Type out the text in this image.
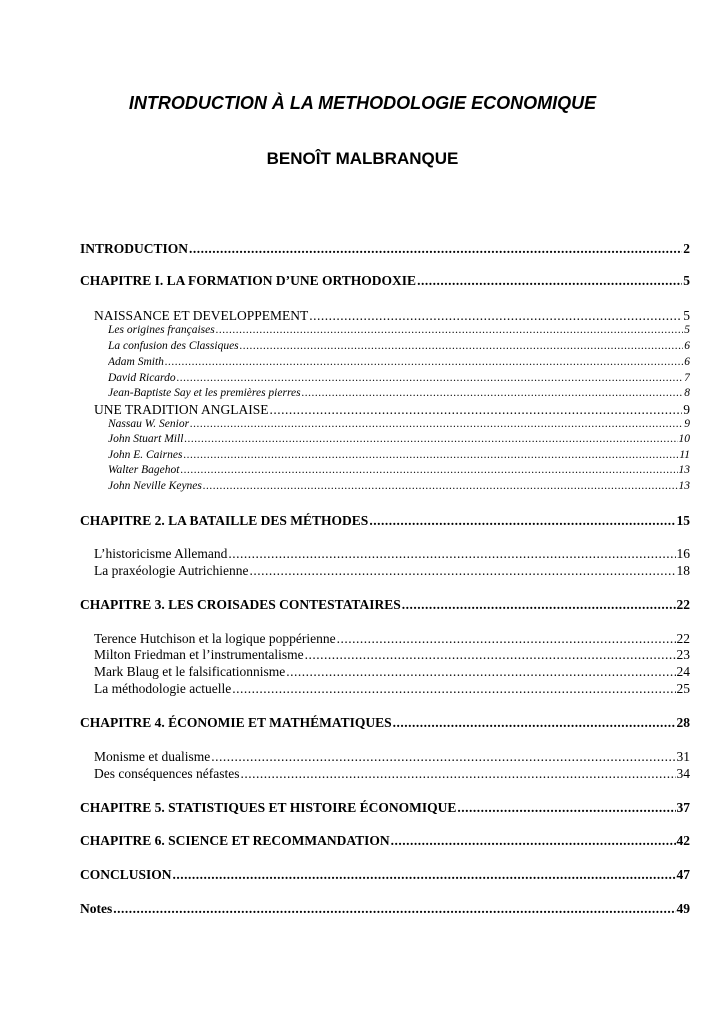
INTRODUCTION À LA METHODOLOGIE ECONOMIQUE
BENOÎT MALBRANQUE
INTRODUCTION .....	2
CHAPITRE I. LA FORMATION D’UNE ORTHODOXIE .....	5
NAISSANCE ET DEVELOPPEMENT .....	5
Les origines françaises .....	5
La confusion des Classiques .....	6
Adam Smith .....	6
David Ricardo .....	7
Jean-Baptiste Say et les premières pierres .....	8
UNE TRADITION ANGLAISE .....	9
Nassau W. Senior .....	9
John Stuart Mill .....	10
John E. Cairnes .....	11
Walter Bagehot .....	13
John Neville Keynes .....	13
CHAPITRE 2. LA BATAILLE DES MÉTHODES .....	15
L’historicisme Allemand .....	16
La praxéologie Autrichienne .....	18
CHAPITRE 3. LES CROISADES CONTESTATAIRES .....	22
Terence Hutchison et la logique poppérienne .....	22
Milton Friedman et l’instrumentalisme .....	23
Mark Blaug et le falsificationnisme .....	24
La méthodologie actuelle .....	25
CHAPITRE 4. ÉCONOMIE ET MATHÉMATIQUES .....	28
Monisme et dualisme .....	31
Des conséquences néfastes .....	34
CHAPITRE 5. STATISTIQUES ET HISTOIRE ÉCONOMIQUE .....	37
CHAPITRE 6. SCIENCE ET RECOMMANDATION .....	42
CONCLUSION .....	47
Notes .....	49
